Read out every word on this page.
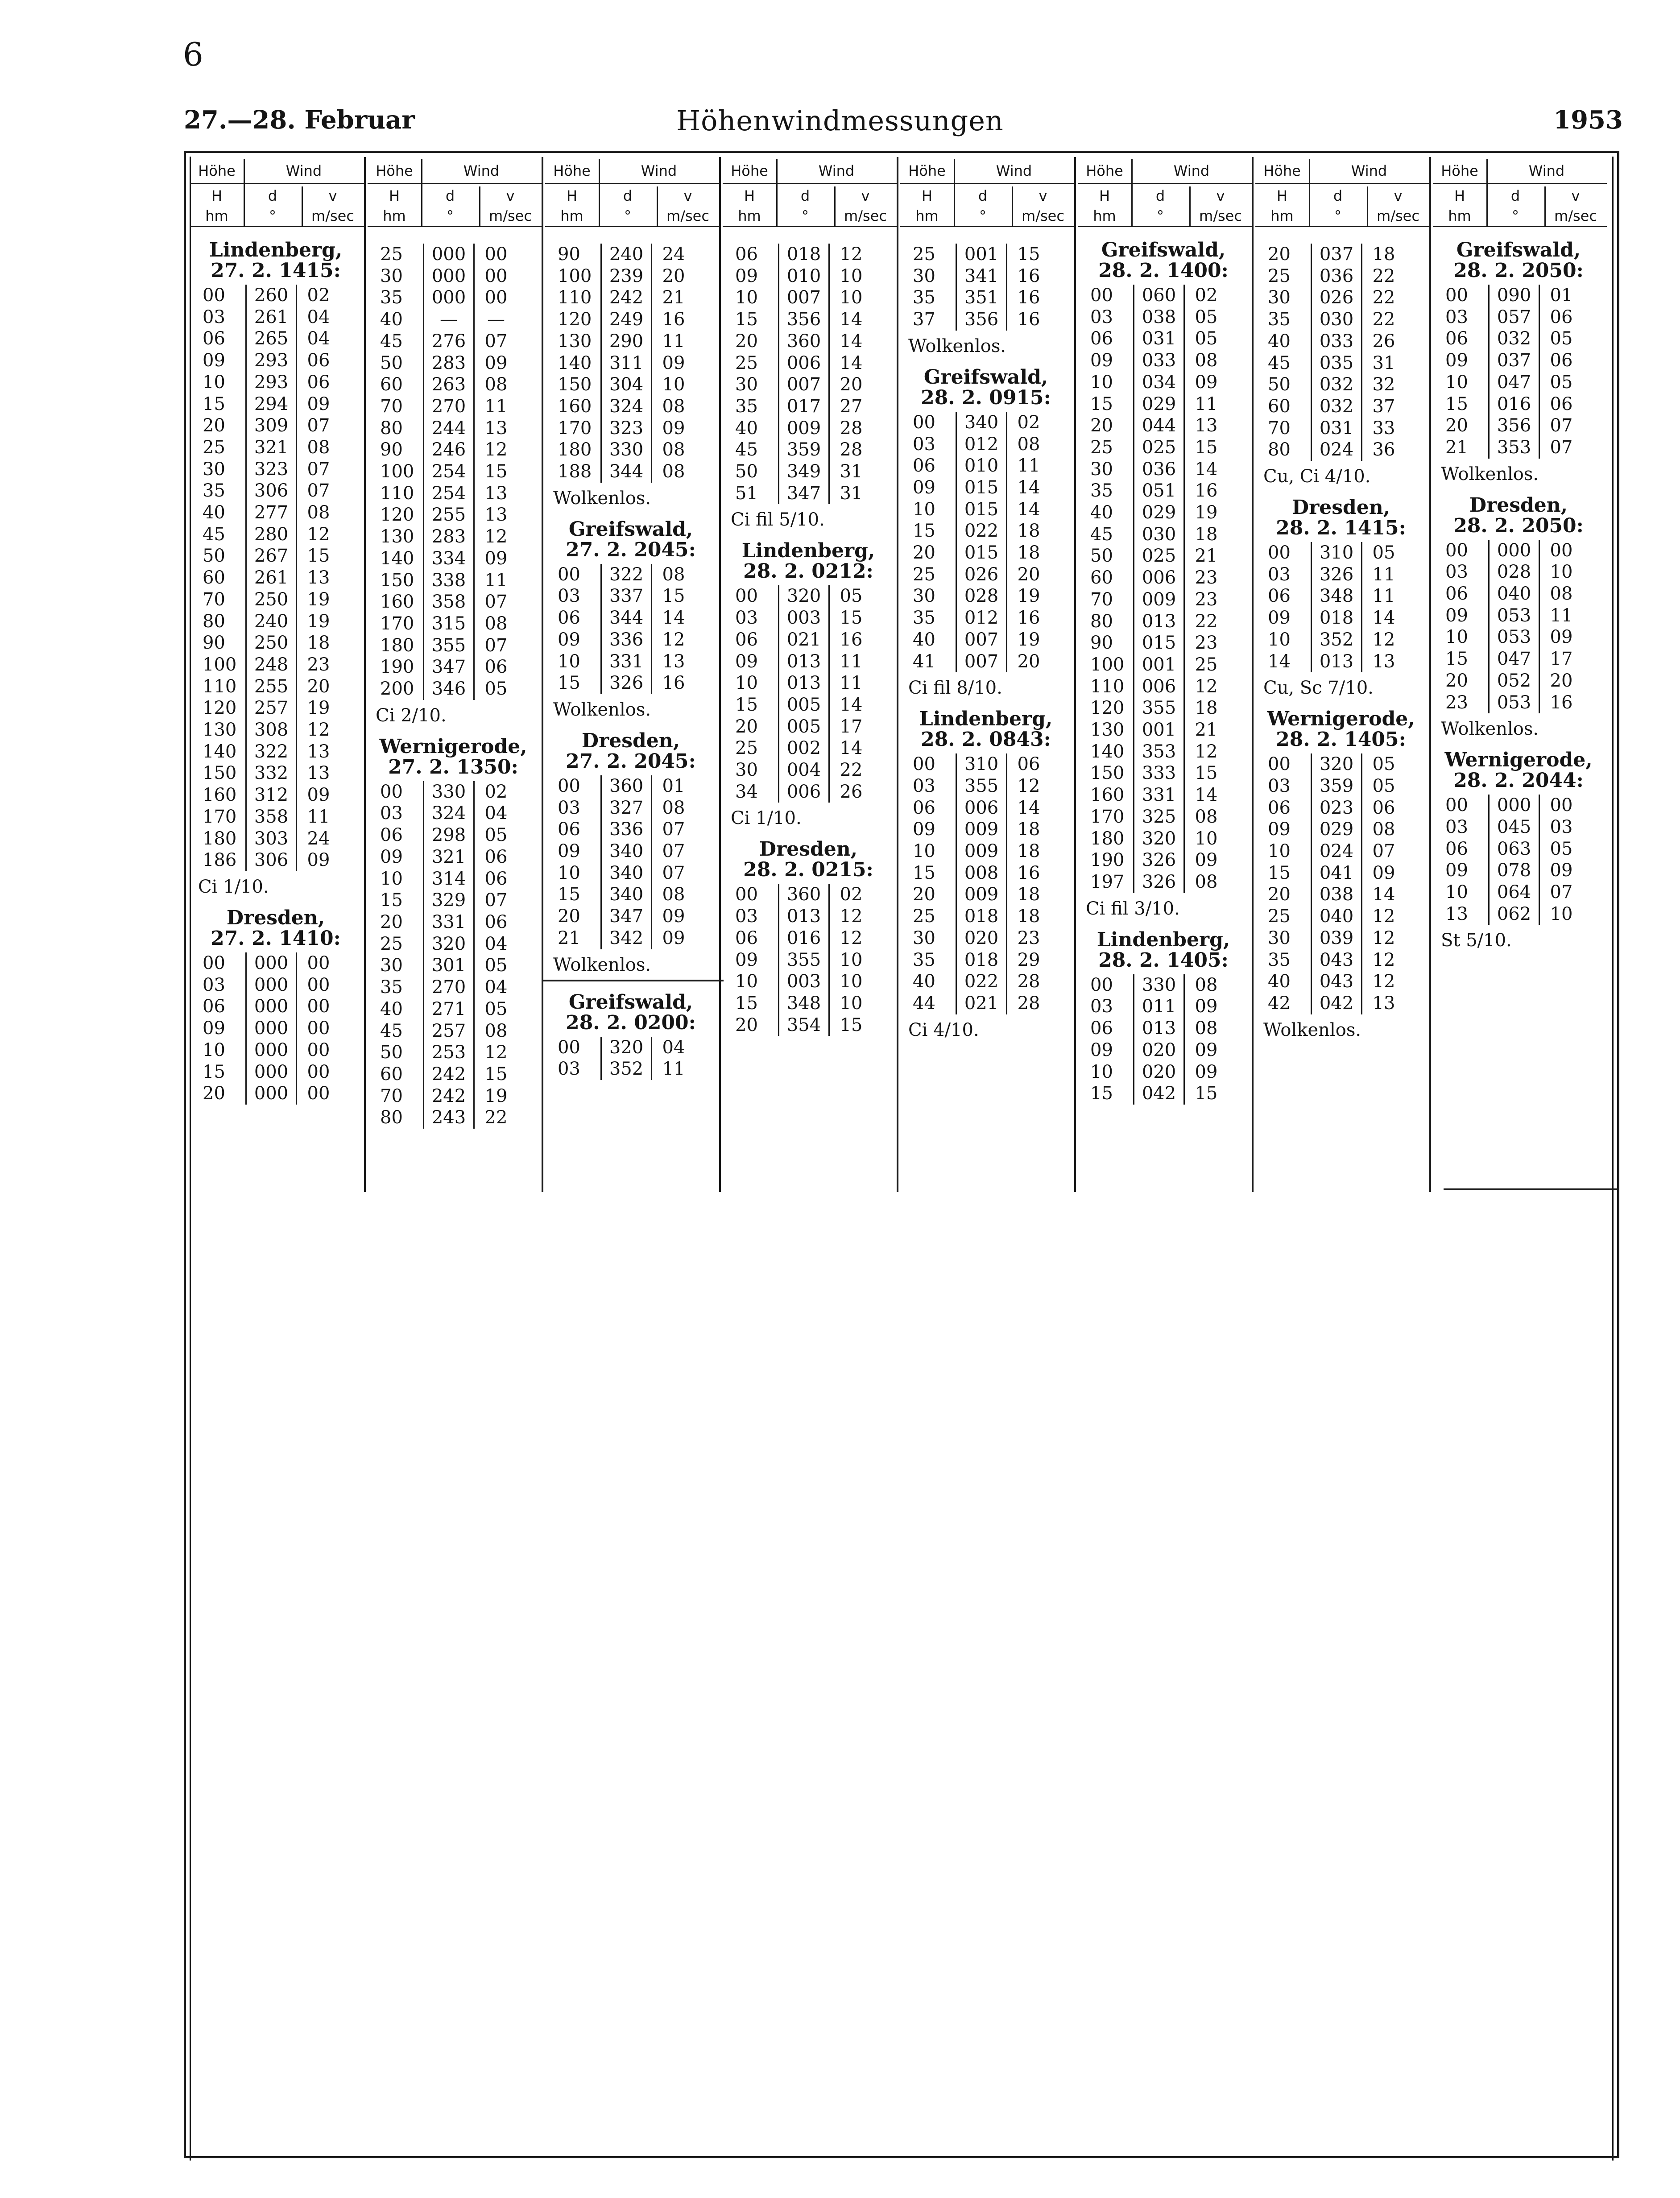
6
27.—28. Februar	Höhenwindmessungen	1953
Höhe	Wind
H	d	v
hm	°	m/sec
Lindenberg,
27. 2. 1415:
00	260	02
03	261	04
06	265	04
09	293	06
10	293	06
15	294	09
20	309	07
25	321	08
30	323	07
35	306	07
40	277	08
45	280	12
50	267	15
60	261	13
70	250	19
80	240	19
90	250	18
100	248	23
110	255	20
120	257	19
130	308	12
140	322	13
150	332	13
160	312	09
170	358	11
180	303	24
186	306	09
Ci 1/10.
Dresden,
27. 2. 1410:
00	000	00
03	000	00
06	000	00
09	000	00
10	000	00
15	000	00
20	000	00
Höhe	Wind
H	d	v
hm	°	m/sec
25	000	00
30	000	00
35	000	00
40	—	—
45	276	07
50	283	09
60	263	08
70	270	11
80	244	13
90	246	12
100	254	15
110	254	13
120	255	13
130	283	12
140	334	09
150	338	11
160	358	07
170	315	08
180	355	07
190	347	06
200	346	05
Ci 2/10.
Wernigerode,
27. 2. 1350:
00	330	02
03	324	04
06	298	05
09	321	06
10	314	06
15	329	07
20	331	06
25	320	04
30	301	05
35	270	04
40	271	05
45	257	08
50	253	12
60	242	15
70	242	19
80	243	22
Höhe	Wind
H	d	v
hm	°	m/sec
90	240	24
100	239	20
110	242	21
120	249	16
130	290	11
140	311	09
150	304	10
160	324	08
170	323	09
180	330	08
188	344	08
Wolkenlos.
Greifswald,
27. 2. 2045:
00	322	08
03	337	15
06	344	14
09	336	12
10	331	13
15	326	16
Wolkenlos.
Dresden,
27. 2. 2045:
00	360	01
03	327	08
06	336	07
09	340	07
10	340	07
15	340	08
20	347	09
21	342	09
Wolkenlos.
Greifswald,
28. 2. 0200:
00	320	04
03	352	11
Höhe	Wind
H	d	v
hm	°	m/sec
06	018	12
09	010	10
10	007	10
15	356	14
20	360	14
25	006	14
30	007	20
35	017	27
40	009	28
45	359	28
50	349	31
51	347	31
Ci fil 5/10.
Lindenberg,
28. 2. 0212:
00	320	05
03	003	15
06	021	16
09	013	11
10	013	11
15	005	14
20	005	17
25	002	14
30	004	22
34	006	26
Ci 1/10.
Dresden,
28. 2. 0215:
00	360	02
03	013	12
06	016	12
09	355	10
10	003	10
15	348	10
20	354	15
Höhe	Wind
H	d	v
hm	°	m/sec
25	001	15
30	341	16
35	351	16
37	356	16
Wolkenlos.
Greifswald,
28. 2. 0915:
00	340	02
03	012	08
06	010	11
09	015	14
10	015	14
15	022	18
20	015	18
25	026	20
30	028	19
35	012	16
40	007	19
41	007	20
Ci fil 8/10.
Lindenberg,
28. 2. 0843:
00	310	06
03	355	12
06	006	14
09	009	18
10	009	18
15	008	16
20	009	18
25	018	18
30	020	23
35	018	29
40	022	28
44	021	28
Ci 4/10.
Höhe	Wind
H	d	v
hm	°	m/sec
Greifswald,
28. 2. 1400:
00	060	02
03	038	05
06	031	05
09	033	08
10	034	09
15	029	11
20	044	13
25	025	15
30	036	14
35	051	16
40	029	19
45	030	18
50	025	21
60	006	23
70	009	23
80	013	22
90	015	23
100	001	25
110	006	12
120	355	18
130	001	21
140	353	12
150	333	15
160	331	14
170	325	08
180	320	10
190	326	09
197	326	08
Ci fil 3/10.
Lindenberg,
28. 2. 1405:
00	330	08
03	011	09
06	013	08
09	020	09
10	020	09
15	042	15
Höhe	Wind
H	d	v
hm	°	m/sec
20	037	18
25	036	22
30	026	22
35	030	22
40	033	26
45	035	31
50	032	32
60	032	37
70	031	33
80	024	36
Cu, Ci 4/10.
Dresden,
28. 2. 1415:
00	310	05
03	326	11
06	348	11
09	018	14
10	352	12
14	013	13
Cu, Sc 7/10.
Wernigerode,
28. 2. 1405:
00	320	05
03	359	05
06	023	06
09	029	08
10	024	07
15	041	09
20	038	14
25	040	12
30	039	12
35	043	12
40	043	12
42	042	13
Wolkenlos.
Höhe	Wind
H	d	v
hm	°	m/sec
Greifswald,
28. 2. 2050:
00	090	01
03	057	06
06	032	05
09	037	06
10	047	05
15	016	06
20	356	07
21	353	07
Wolkenlos.
Dresden,
28. 2. 2050:
00	000	00
03	028	10
06	040	08
09	053	11
10	053	09
15	047	17
20	052	20
23	053	16
Wolkenlos.
Wernigerode,
28. 2. 2044:
00	000	00
03	045	03
06	063	05
09	078	09
10	064	07
13	062	10
St 5/10.
